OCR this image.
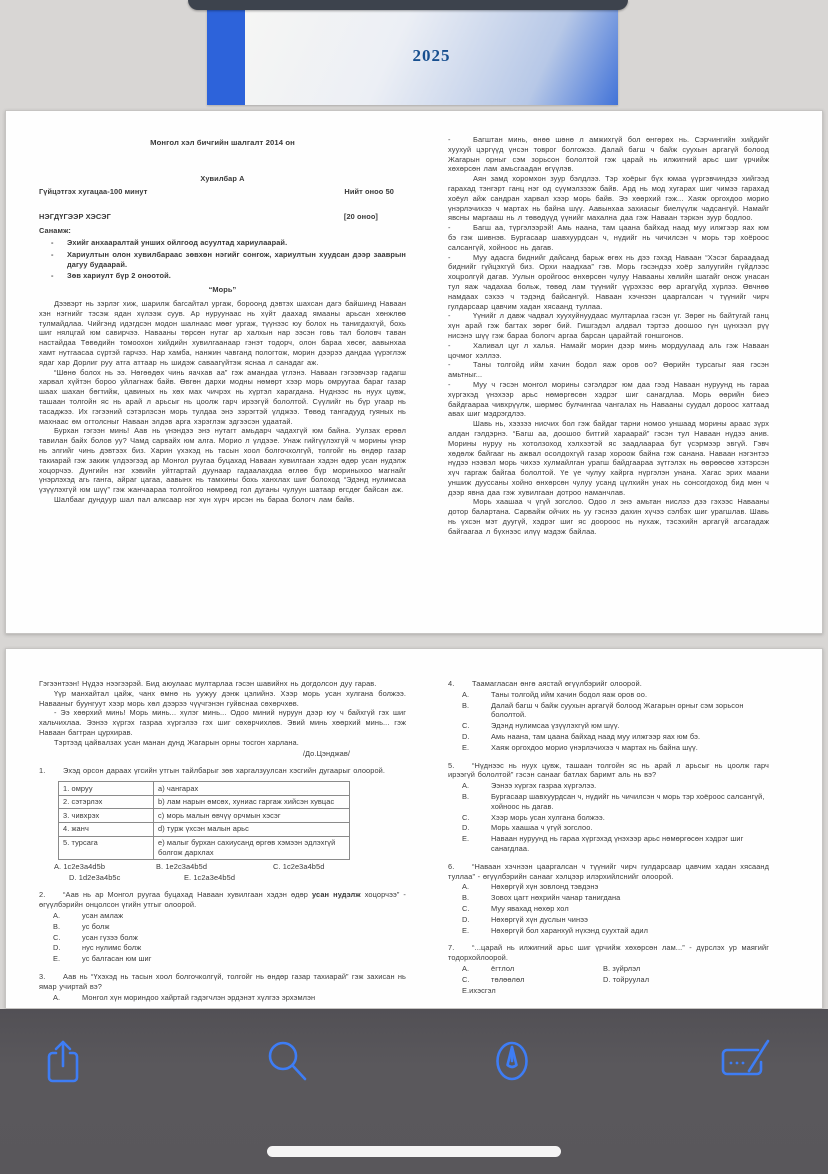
2025
Монгол хэл бичгийн шалгалт 2014 он
Хувилбар А
Гүйцэтгэх хугацаа-100 минут	Нийт оноо 50
НЭГДҮГЭЭР ХЭСЭГ	[20 оноо]
Санамж:
-	Эхийг анхааралтай унших ойлгоод асуултад хариулаарай.
-	Хариултын олон хувилбараас зөвхөн нэгийг сонгож, хариултын хуудсан дээр зааврын дагуу будаарай.
-	Зөв хариулт бүр 2 оноотой.
“Морь”

Дээвэрт нь зэрлэг хиж, шарилж багсайтал ургаж, бороонд дэвтэх шахсан дагэ байшинд Наваан хэн нэгнийг тэсэж ядан хүлээж суув. Ар нуруунаас нь хүйт даахад ямааны арьсан хөнжлөө тулмайдлаа. Чийгэнд идэгдсэн модон шалнаас мөөг ургаж, түүнээс юу болох нь танигдахгүй, бохь шиг нялцгай юм савирчээ. Навааны төрсөн нутаг ар халхын нар ээсэн говь тал боловч таван настайдаа Төвөдийн томоохон хийдийн хувилгаанаар гэнэт тодорч, олон бараа хөсөг, аавынхаа хамт нутгаасаа сүртэй гарчээ. Нар хамба, нанжин чавганд пологтож, морин дээрээ дандаа үүрэглэж ядаг хар Дорлиг руу атга аттаар нь шидэж саваагүйтэж яснаа л санадаг аж.

“Шөнө болох нь ээ. Нөгөөдөх чинь яачхав аа” гэж амандаа үглэнэ. Наваан гэгээвчээр гадагш харвал хүйтэн бороо уйлагнаж байв. Өвгөн дархи модны нөмөрт хээр морь омруугаа бараг газар шаах шахан бөгтийж, цавиных нь хөх мах чичрэх нь хүртэл харагдана. Нүднээс нь нуух цувж, ташаан толгойн яс нь арай л арьсыг нь цоолж гарч ирээгүй бололтой. Сүүлийг нь бүр угаар нь тасаджээ. Их гэгээний сэтэрлэсэн морь тулдаа энэ зэрэгтэй үлджээ. Төвөд тангадууд гуяных нь махнаас өм огтолсныг Наваан элдэв арга хэрэглэж эдгээсэн удаатай.

Бурхан гэгээн минь! Аав нь үнэндээ энэ нутагт амьдарч чадахгүй юм байна. Уулзах ерөөл тавилан байх болов уу? Чамд сарвайх юм алга. Морио л үлдээе. Унаж гийгүүлэхгүй ч морины үнэр нь элгийг чинь дэвтээх биз. Харин үхэхэд нь тасын хоол болгочхолгүй, толгойг нь өндөр газар такиарай гэж закиж үлдээгээд ар Монгол руугаа буцахад Наваан хувилгаан хэдэн өдөр усан нудэлж хоцорчээ. Дунгийн нэг хэвийн уйтгартай дуунаар гадаалахдаа өглөө бүр мориныхоо магнайг үнэрлэхэд агь ганга, айраг цагаа, аавынх нь тамхины бохь ханхлах шиг болоход “Эдэнд нулимсаа үзүүлэхгүй юм шүү” гэж жанчаараа толгойгоо нөмрөөд гол дуганы чулуун шатаар өгсдөг байсан аж.

Шалбааг дундуур шал пал алксаар нэг хүн хүрч ирсэн нь бараа бологч лам байв.

-	Багштан минь, өнөө шөнө л амжихгүй бол өнгөрөх нь. Сэрчингийн хийдийг хуухуй цэргүүд үнсэн товрог болгожээ. Далай багш ч байж суухын аргагүй болоод Жагарын орныг сэм зорьсон бололтой гэж царай нь илжигний арьс шиг үрчийж хөхөрсөн лам амьсгаадан өгүүлэв.

Аян замд хоромхон зуур бэлдлээ. Тэр хоёрыг бүх юмаа үүргэвчиндээ хийгээд гарахад тэнгэрт ганц нэг од сүүмэлзээж байв. Ард нь мод хугарах шиг чимээ гарахад хоёул айж сандран харвал хээр морь байв. Ээ хөөрхий гэж... Хаяж оргохдоо морио үнэрлэчихээ ч мартах нь байна шүү. Аавынхаа захиасыг биелүүлж чадсангүй. Намайг явсны маргааш нь л төвөдүүд үүнийг махална даа гэж Наваан тэркэн зуур бодлоо.

-	Багш аа, түргэлээрэй! Амь наана, там цаана байхад наад муу илжгээр яах юм бэ гэж шивнэв. Бургасаар шавхуурдсан ч, нүдийг нь чичилсэн ч морь тэр хоёроос салсангүй, хойноос нь дагав.

-	Муу адасга биднийг дайсанд барьж өгөх нь дээ гэхэд Наваан “Хэсэг бараадаад биднийг гүйцэхгүй биз. Орхи наадхаа” гэв. Морь гэсэндээ хоёр залуугийн гүйдлээс хоцролгүй дагав. Уулын оройгоос өнхөрсөн чулуу Навааны хөлийн шагайг онож унасан тул яаж чадахаа больж, төвөд лам түүнийг үүрэхээс өөр аргагүйд хүрлээ. Өвчнөө намдаах сэхээ ч тэдэнд байсангүй. Наваан хэчнээн цааргалсан ч түүнийг чирч гулдарсаар цавчим хадан хясаанд туллаа.

-	Үүнийг л давж чадвал хуухуйнуудаас мултарлаа гэсэн үг. Зөрөг нь байтугай ганц хүн арай гэж багтах зөрөг бий. Гишгэдэл алдвал тэртээ доошоо гүн цүнхээл рүү нисэнэ шүү гэж бараа бологч аргаа барсан царайтай гоншгонов.

-	Халивал цуг л халья. Намайг морин дээр минь мордуулаад аль гэж Наваан цочмог хэллээ.

-	Таны толгойд ийм хачин бодол яаж оров оо? Өөрийн турсагыг яая гэсэн амьтныг...

-	Муу ч гэсэн монгол морины сэгэлдрэг юм даа гээд Наваан нуруунд нь гараа хүргэхэд үнэхээр арьс нөмөргөсөн хэдрэг шиг санагдлаа. Морь өөрийн биеэ байдгаараа чивхрүүлж, шөрмөс булчингаа чангалах нь Навааны суудал дороос хатгаад авах шиг мэдрэгдлээ.

Шавь нь, хээзээ нисчих бол гэж байдаг тарни номоо уншаад морины араас зүрх алдан гэлдэрнэ. “Багш аа, доошоо битгий хараарай” гэсэн тул Наваан нүдээ анив. Морины нуруу нь хотолзоход хэлхээтэй яс заадлаараа бут үсэрмээр эвгүй. Гэвч хөдөлж байгааг нь ажвал осолдохгүй газар хороож байна гэж санана. Наваан нэгэнтээ нүдээ нээвэл морь чихээ хулмайлган урагш байдгаараа зүтгэлэх нь өөрөөсөө хэтэрсэн хүч гаргаж байгаа бололтой. Үе үе чулуу хайрга нүргэлэн унана. Хагас эрих маани уншиж дууссаны хойно өнхөрсөн чулуу усанд цүлхийн унах нь сонсогдоход бид мөн ч дээр явна даа гэж хувилгаан дотроо наманчлав.

Морь хаашаа ч үгүй зогслоо. Одоо л энэ амьтан нислээ дээ гэхээс Навааны дотор балартана. Сарвайж ойчих нь уу гэснээ дахин хүчээ сэлбэх шиг урагшлав. Шавь нь үхсэн мэт дуугүй, хэдрэг шиг яс доороос нь нухаж, тэсэхийн аргагүй агсагадаж байгаагаа л бүхнээс илүү мэдэж байлаа.

Гэгээнтээн! Нүдээ нээгээрэй. Бид аюулаас мултарлаа гэсэн шавийнх нь догдолсон дуу гарав.

Үүр манхайтал цайж, чанх өмнө нь уужуу дэнж цэлийнэ. Хээр морь усан хулгана болжээ. Навааныг буунгуут хээр морь хөл дээрээ чүүчгэнэн гуйвснаа сөхөрчхөв.

- Ээ хөөрхий минь! Морь минь... хүлэг минь... Одоо миний нуруун дээр юу ч байхгүй гэх шиг хальчихлаа. Ээнээ хүргэх газраа хүргэлээ гэх шиг сөхөрчихлөв. Эвий минь хөөрхий минь... гэж Наваан багтран цурхирав.

Тэртээд цайвалзах усан манан дунд Жагарын орны тосгон харлана.

/До.Цэнджав/

1. Эхэд орсон дараах үгсийн утгын тайлбарыг зөв харгалзуулсан хэсгийн дугаарыг олоорой.

1. омруу	a) чангарах
2. сэтэрлэх	b) лам нарын өмсөх, хуниас гаргаж хийсэн хувцас
3. чивхрэх	c) морь малын өвчүү орчмын хэсэг
4. жанч	d) турж үхсэн малын арьс
5. турсага	e) малыг бурхан сахиусанд өргөв хэмээн эдлэхгүй болгож дархлах
A. 1c2e3a4d5b	B. 1e2c3a4b5d	C. 1c2e3a4b5d
D. 1d2e3a4b5c	E. 1c2a3e4b5d

2. “Аав нь ар Монгол руугаа буцахад Наваан хувилгаан хэдэн өдөр усан нудэлж хоцорчээ” - өгүүлбэрийн онцолсон үгийн утгыг олоорой.

A.	усан амлаж
B.	ус болж
C.	усан гүзээ болж
D.	нус нулимс болж
E.	ус балгасан юм шиг

3. Аав нь “Үхэхэд нь тасын хоол болгочколгүй, толгойг нь өндөр газар тахиарай” гэж захисан нь ямар учиртай вэ?

A.	Монгол хүн мориндоо хайртай гэдэгчлэн эрдэнэт хүлгээ эрхэмлэн

4. Таамагласан өнгө аястай өгүүлбэрийг олоорой.

A.	Таны толгойд ийм хачин бодол яаж оров оо.
B.	Далай багш ч байж суухын аргагүй болоод Жагарын орныг сэм зорьсон бололтой.
C.	Эдэнд нулимсаа үзүүлэхгүй юм шүү.
D.	Амь наана, там цаана байхад наад муу илжгээр яах юм бэ.
E.	Хаяж оргохдоо морио үнэрлэчихээ ч мартах нь байна шүү.

5. “Нүднээс нь нуух цувж, ташаан толгойн яс нь арай л арьсыг нь цоолж гарч ирээгүй бололтой” гэсэн санааг батлах баримт аль нь вэ?

A.	Ээнээ хүргэх газраа хүргэлээ.
B.	Бургасаар шавхуурдсан ч, нүдийг нь чичилсэн ч морь тэр хоёроос салсангүй, хойноос нь дагав.
C.	Хээр морь усан хулгана болжээ.
D.	Морь хаашаа ч үгүй зогслоо.
E.	Наваан нуруунд нь гараа хүргэхэд үнэхээр арьс нөмөргөсөн хэдрэг шиг санагдлаа.

6. “Наваан хэчнээн цааргалсан ч түүнийг чирч гулдарсаар цавчим хадан хясаанд туллаа” - өгүүлбэрийн санааг хэлцээр илэрхийлснийг олоорой.

A.	Нөхөргүй хүн зовлонд тэвдэнэ
B.	Зовох цагт нөхрийн чанар танигдана
C.	Муу явахад нөхөр хол
D.	Нөхөргүй хүн дуслын чинээ
E.	Нөхөргүй бол харанхуй нүхэнд суухтай адил

7. “...царай нь илжигний арьс шиг үрчийж хөхөрсөн лам...” - дүрслэх ур маягийг тодорхойлоорой.

A.	ёгтлол	B. зүйрлэл
C.	төлөөлөл	D. тойруулал
Е.ихэсгэл
